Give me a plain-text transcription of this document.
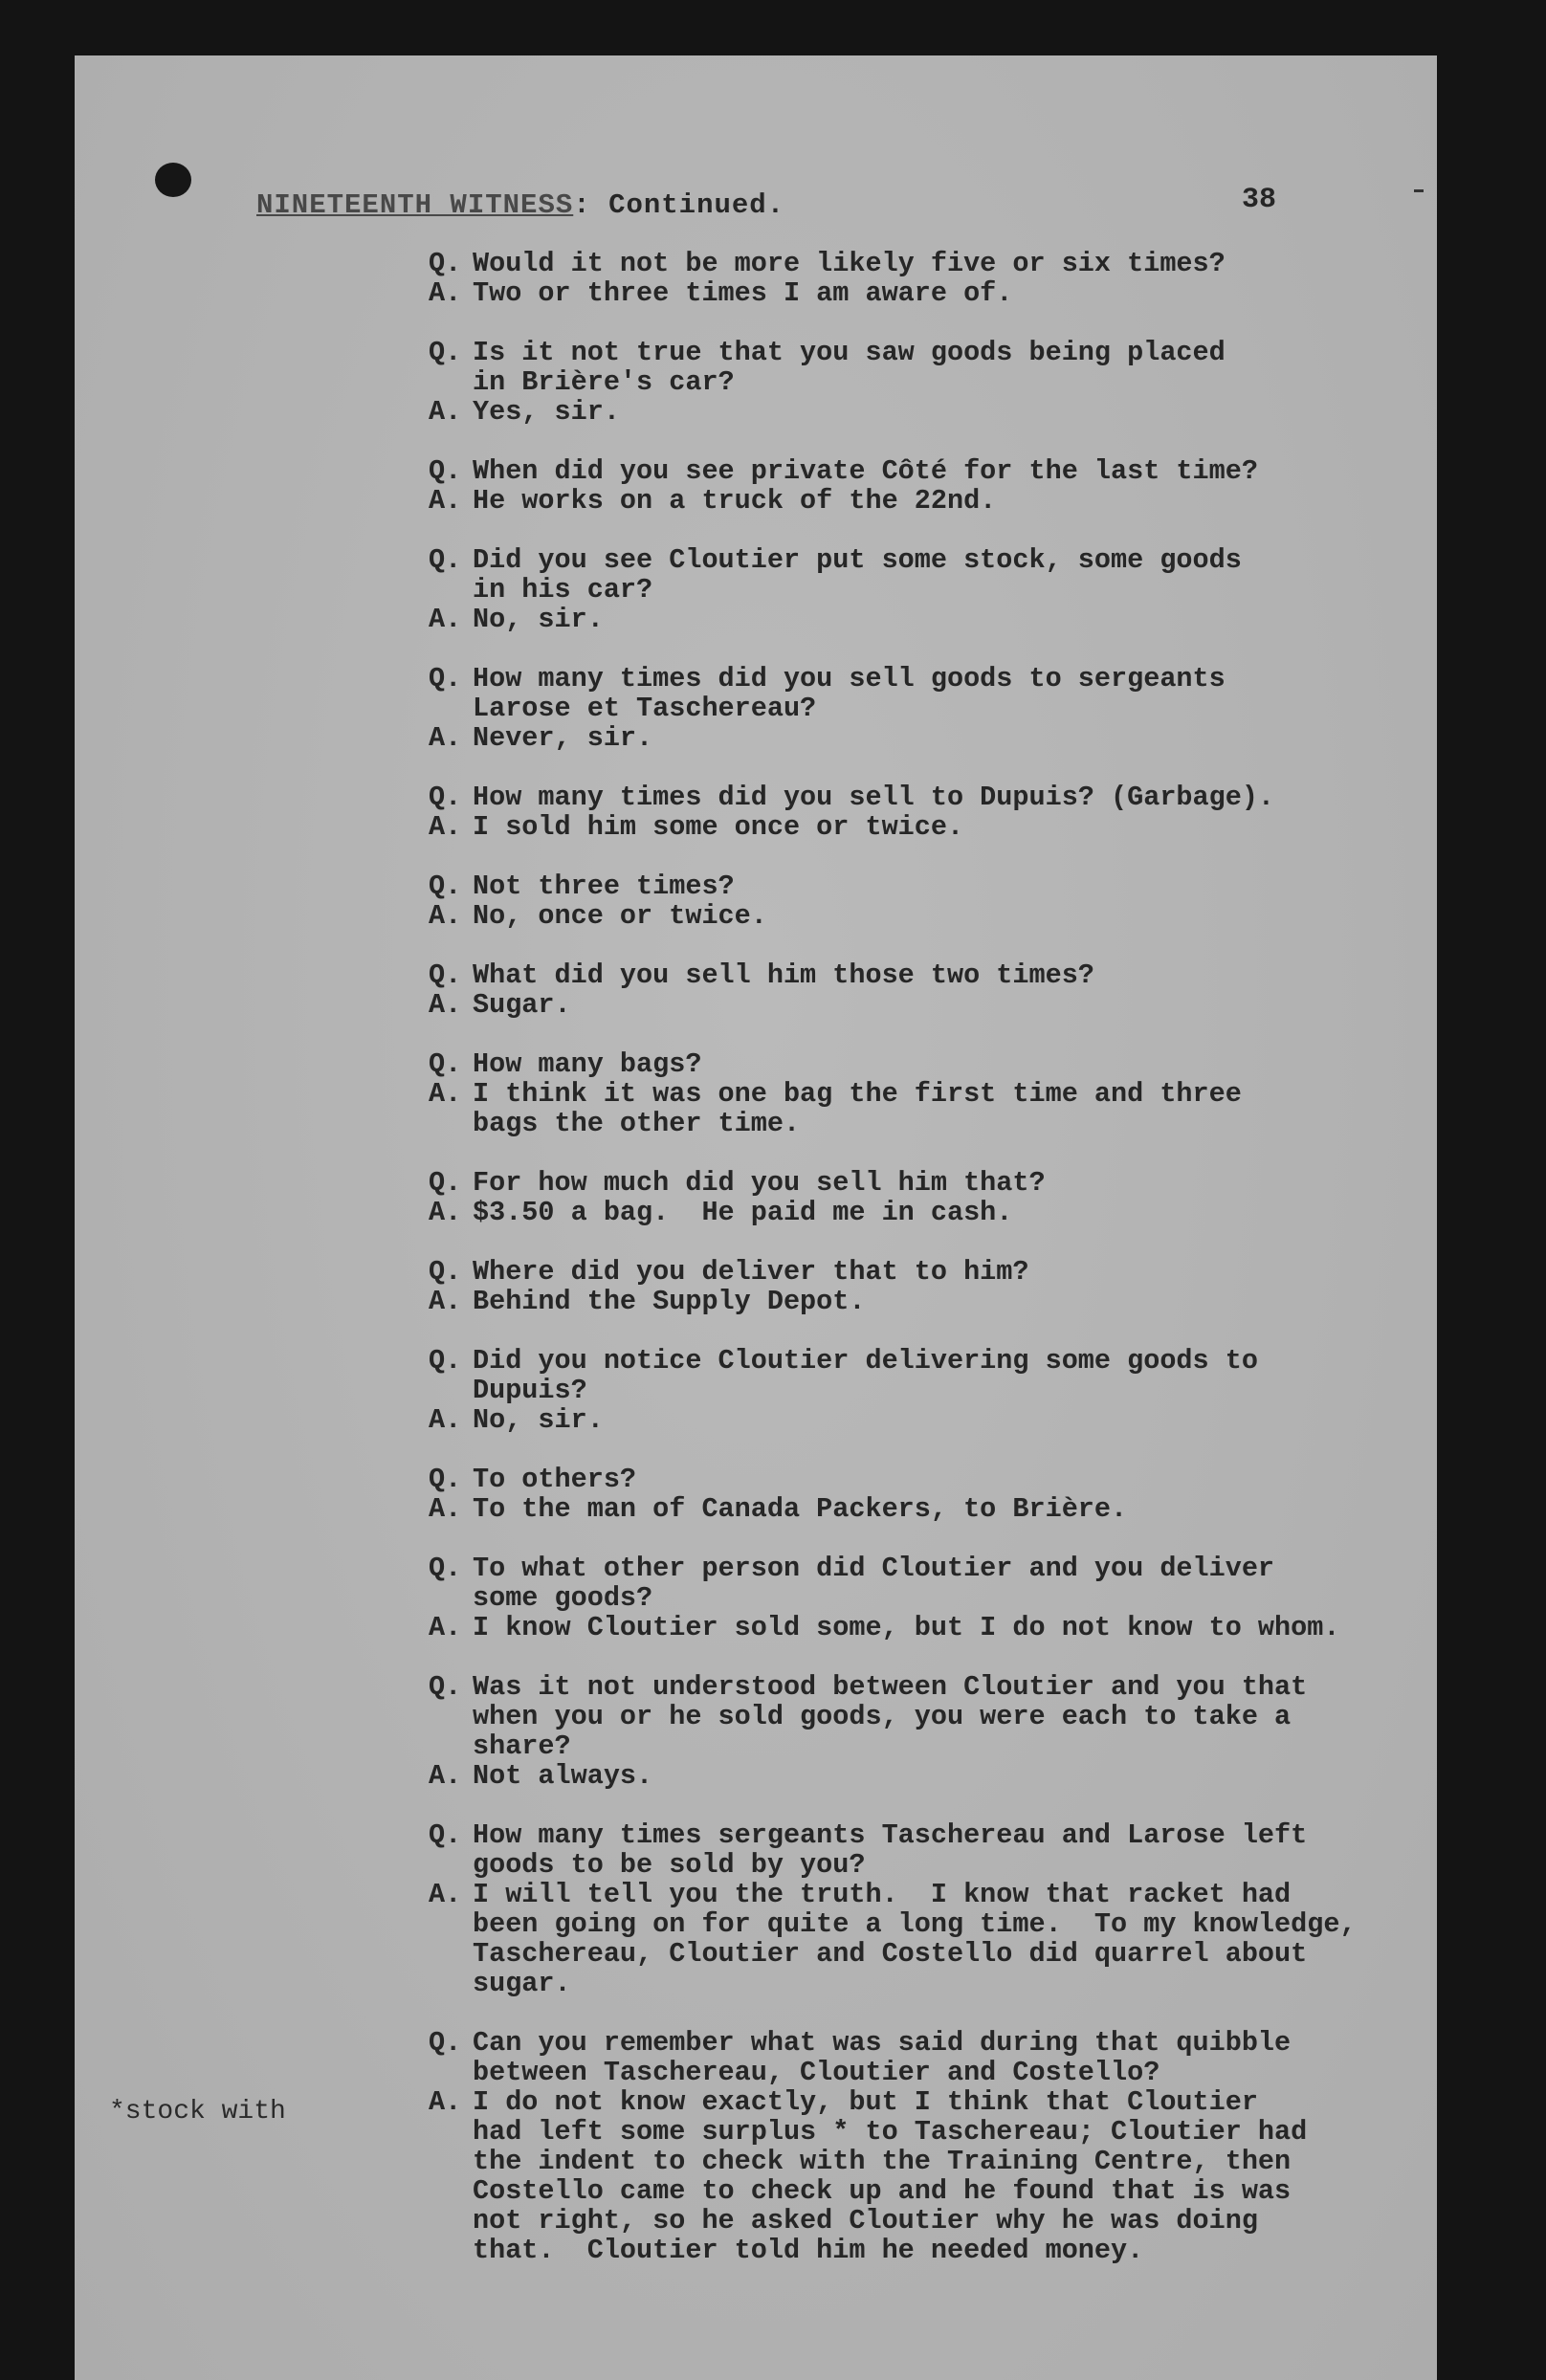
NINETEENTH WITNESS: Continued.	38
*stock with
Q. Would it not be more likely five or six times?
A. Two or three times I am aware of.
Q. Is it not true that you saw goods being placed
in Brière's car?
A. Yes, sir.
Q. When did you see private Côté for the last time?
A. He works on a truck of the 22nd.
Q. Did you see Cloutier put some stock, some goods
in his car?
A. No, sir.
Q. How many times did you sell goods to sergeants
Larose et Taschereau?
A. Never, sir.
Q. How many times did you sell to Dupuis? (Garbage).
A. I sold him some once or twice.
Q. Not three times?
A. No, once or twice.
Q. What did you sell him those two times?
A. Sugar.
Q. How many bags?
A. I think it was one bag the first time and three
bags the other time.
Q. For how much did you sell him that?
A. $3.50 a bag.  He paid me in cash.
Q. Where did you deliver that to him?
A. Behind the Supply Depot.
Q. Did you notice Cloutier delivering some goods to
Dupuis?
A. No, sir.
Q. To others?
A. To the man of Canada Packers, to Brière.
Q. To what other person did Cloutier and you deliver
some goods?
A. I know Cloutier sold some, but I do not know to whom.
Q. Was it not understood between Cloutier and you that
when you or he sold goods, you were each to take a
share?
A. Not always.
Q. How many times sergeants Taschereau and Larose left
goods to be sold by you?
A. I will tell you the truth.  I know that racket had
been going on for quite a long time.  To my knowledge,
Taschereau, Cloutier and Costello did quarrel about
sugar.
Q. Can you remember what was said during that quibble
between Taschereau, Cloutier and Costello?
A. I do not know exactly, but I think that Cloutier
had left some surplus * to Taschereau; Cloutier had
the indent to check with the Training Centre, then
Costello came to check up and he found that is was
not right, so he asked Cloutier why he was doing
that.  Cloutier told him he needed money.
